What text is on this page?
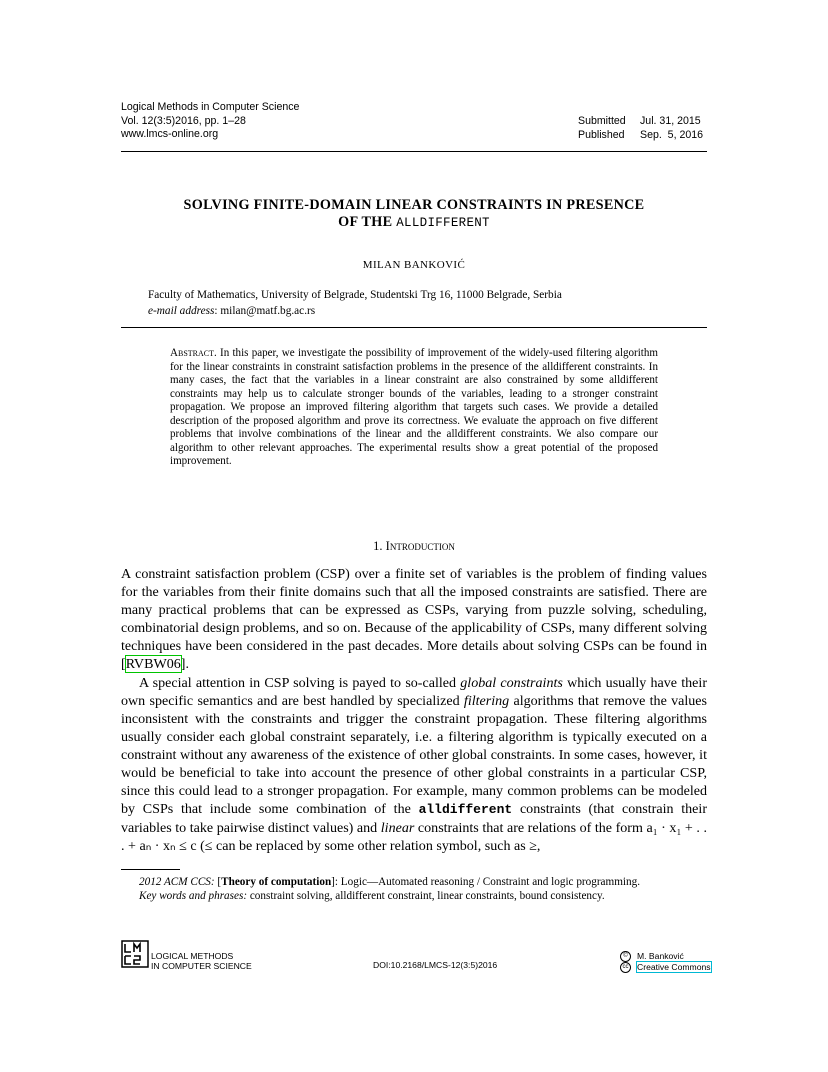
Logical Methods in Computer Science
Vol. 12(3:5)2016, pp. 1–28
www.lmcs-online.org
Submitted Jul. 31, 2015
Published Sep.  5, 2016
SOLVING FINITE-DOMAIN LINEAR CONSTRAINTS IN PRESENCE
OF THE ALLDIFFERENT
MILAN BANKOVIĆ
Faculty of Mathematics, University of Belgrade, Studentski Trg 16, 11000 Belgrade, Serbia
e-mail address: milan@matf.bg.ac.rs
Abstract. In this paper, we investigate the possibility of improvement of the widely-used filtering algorithm for the linear constraints in constraint satisfaction problems in the presence of the alldifferent constraints. In many cases, the fact that the variables in a linear constraint are also constrained by some alldifferent constraints may help us to calculate stronger bounds of the variables, leading to a stronger constraint propagation. We propose an improved filtering algorithm that targets such cases. We provide a detailed description of the proposed algorithm and prove its correctness. We evaluate the approach on five different problems that involve combinations of the linear and the alldifferent constraints. We also compare our algorithm to other relevant approaches. The experimental results show a great potential of the proposed improvement.
1. Introduction

A constraint satisfaction problem (CSP) over a finite set of variables is the problem of finding values for the variables from their finite domains such that all the imposed constraints are satisfied. There are many practical problems that can be expressed as CSPs, varying from puzzle solving, scheduling, combinatorial design problems, and so on. Because of the applicability of CSPs, many different solving techniques have been considered in the past decades. More details about solving CSPs can be found in [RVBW06].

A special attention in CSP solving is payed to so-called global constraints which usually have their own specific semantics and are best handled by specialized filtering algorithms that remove the values inconsistent with the constraints and trigger the constraint propagation. These filtering algorithms usually consider each global constraint separately, i.e. a filtering algorithm is typically executed on a constraint without any awareness of the existence of other global constraints. In some cases, however, it would be beneficial to take into account the presence of other global constraints in a particular CSP, since this could lead to a stronger propagation. For example, many common problems can be modeled by CSPs that include some combination of the alldifferent constraints (that constrain their variables to take pairwise distinct values) and linear constraints that are relations of the form a₁ · x₁ + . . . + aₙ · xₙ ≤ c (≤ can be replaced by some other relation symbol, such as ≥,

2012 ACM CCS: [Theory of computation]: Logic—Automated reasoning / Constraint and logic programming.

Key words and phrases: constraint solving, alldifferent constraint, linear constraints, bound consistency.

LOGICAL METHODS
IN COMPUTER SCIENCE	DOI:10.2168/LMCS-12(3:5)2016
© M. Banković
cc Creative Commons
